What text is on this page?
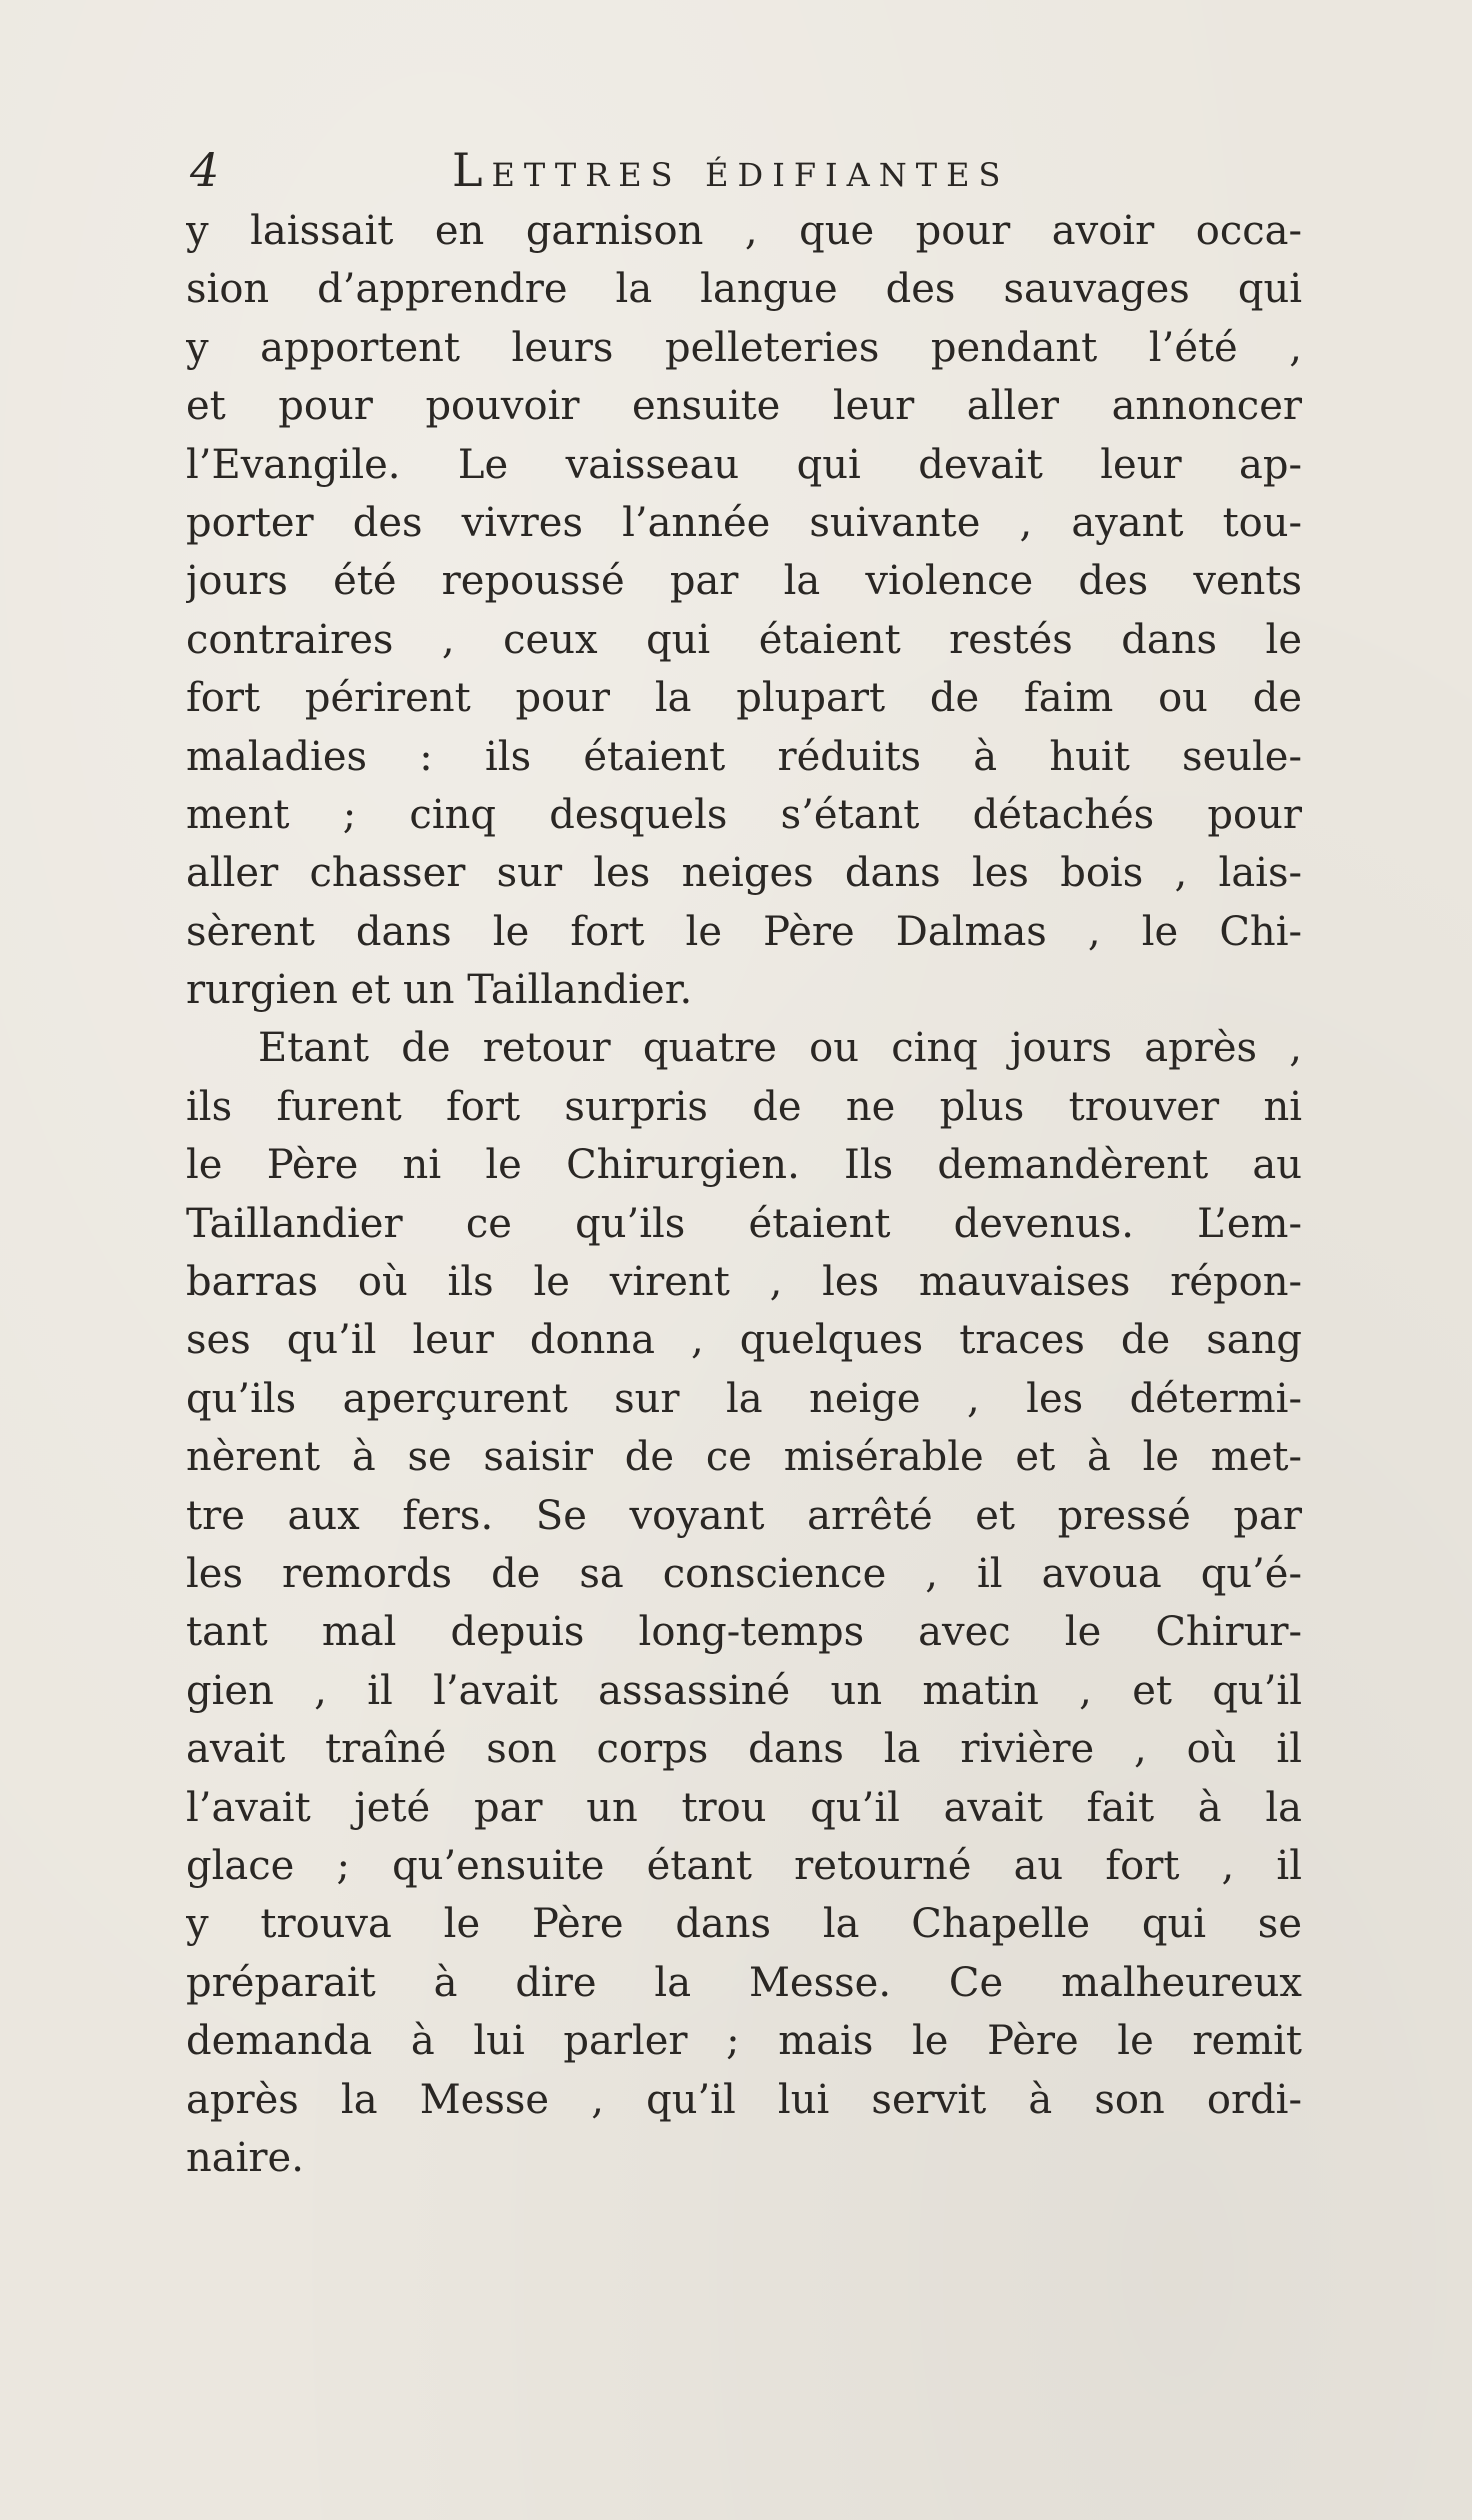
4	Lettres édifiantes
y laissait en garnison , que pour avoir occa-
sion d’apprendre la langue des sauvages qui
y apportent leurs pelleteries pendant l’été ,
et pour pouvoir ensuite leur aller annoncer
l’Evangile. Le vaisseau qui devait leur ap-
porter des vivres l’année suivante , ayant tou-
jours été repoussé par la violence des vents
contraires , ceux qui étaient restés dans le
fort périrent pour la plupart de faim ou de
maladies : ils étaient réduits à huit seule-
ment ; cinq desquels s’étant détachés pour
aller chasser sur les neiges dans les bois , lais-
sèrent dans le fort le Père Dalmas , le Chi-
rurgien et un Taillandier.
Etant de retour quatre ou cinq jours après ,
ils furent fort surpris de ne plus trouver ni
le Père ni le Chirurgien. Ils demandèrent au
Taillandier ce qu’ils étaient devenus. L’em-
barras où ils le virent , les mauvaises répon-
ses qu’il leur donna , quelques traces de sang
qu’ils aperçurent sur la neige , les détermi-
nèrent à se saisir de ce misérable et à le met-
tre aux fers. Se voyant arrêté et pressé par
les remords de sa conscience , il avoua qu’é-
tant mal depuis long-temps avec le Chirur-
gien , il l’avait assassiné un matin , et qu’il
avait traîné son corps dans la rivière , où il
l’avait jeté par un trou qu’il avait fait à la
glace ; qu’ensuite étant retourné au fort , il
y trouva le Père dans la Chapelle qui se
préparait à dire la Messe. Ce malheureux
demanda à lui parler ; mais le Père le remit
après la Messe , qu’il lui servit à son ordi-
naire.
